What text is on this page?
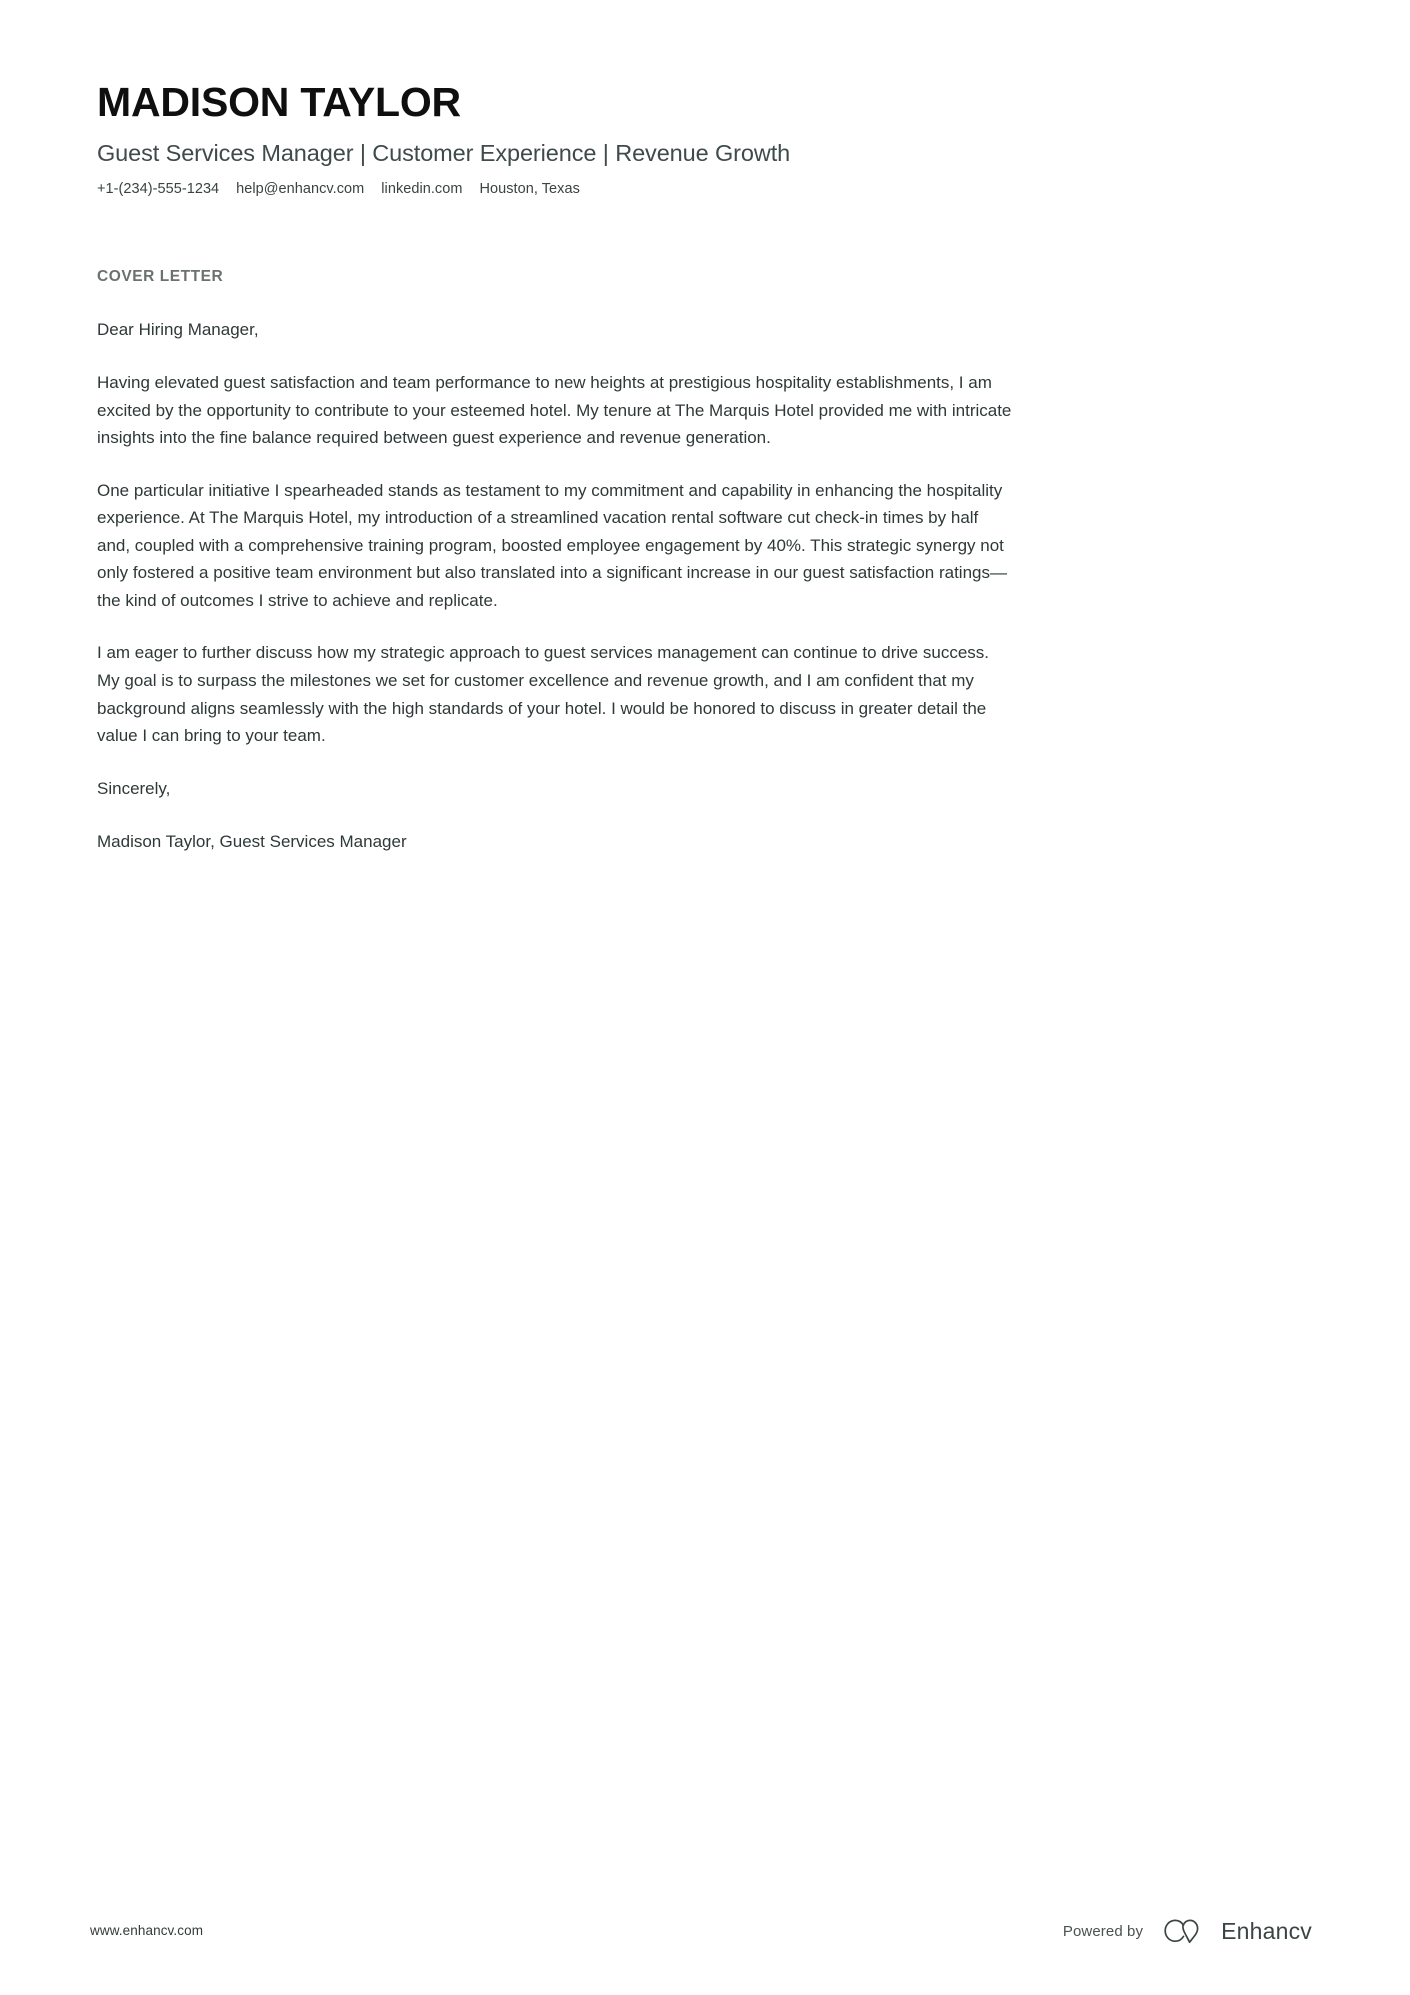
MADISON TAYLOR
Guest Services Manager | Customer Experience | Revenue Growth
+1-(234)-555-1234 help@enhancv.com linkedin.com Houston, Texas
COVER LETTER

Dear Hiring Manager,

Having elevated guest satisfaction and team performance to new heights at prestigious hospitality establishments, I am excited by the opportunity to contribute to your esteemed hotel. My tenure at The Marquis Hotel provided me with intricate insights into the fine balance required between guest experience and revenue generation.

One particular initiative I spearheaded stands as testament to my commitment and capability in enhancing the hospitality experience. At The Marquis Hotel, my introduction of a streamlined vacation rental software cut check-in times by half and, coupled with a comprehensive training program, boosted employee engagement by 40%. This strategic synergy not only fostered a positive team environment but also translated into a significant increase in our guest satisfaction ratings—the kind of outcomes I strive to achieve and replicate.

I am eager to further discuss how my strategic approach to guest services management can continue to drive success. My goal is to surpass the milestones we set for customer excellence and revenue growth, and I am confident that my background aligns seamlessly with the high standards of your hotel. I would be honored to discuss in greater detail the value I can bring to your team.

Sincerely,

Madison Taylor, Guest Services Manager

www.enhancv.com	Powered by	Enhancv
